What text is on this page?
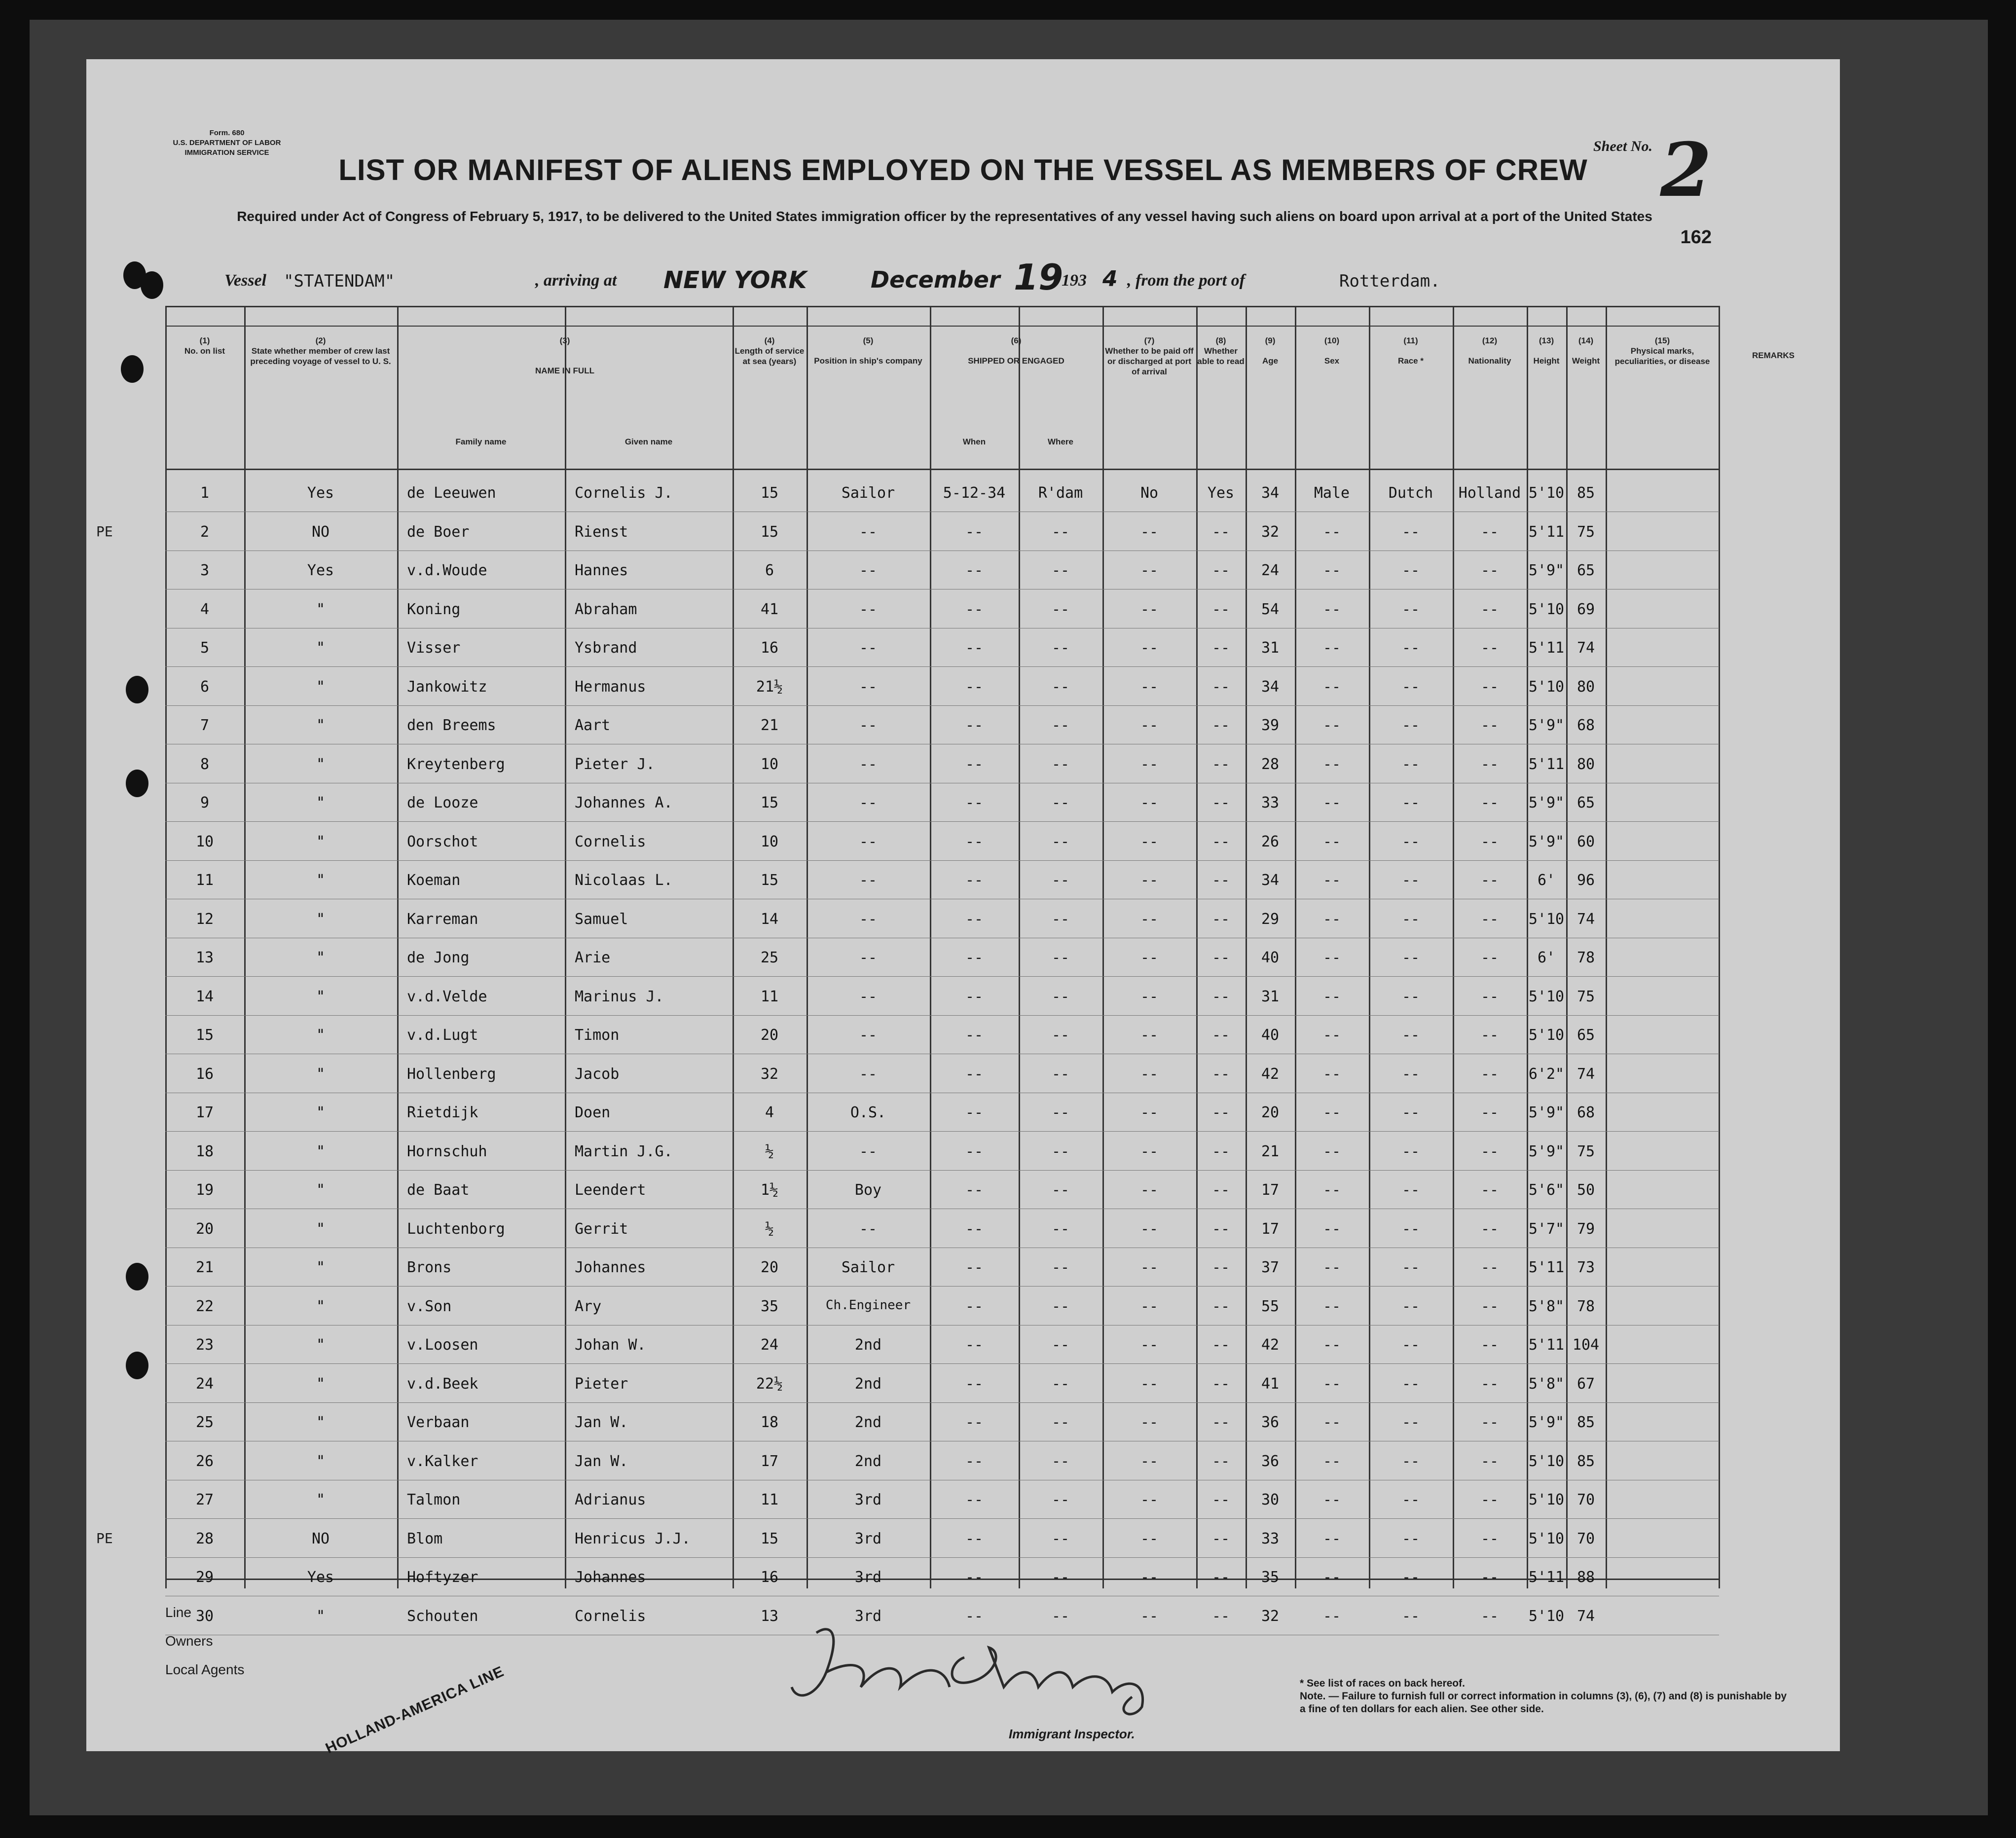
Form. 680
U.S. DEPARTMENT OF LABOR
IMMIGRATION SERVICE	Sheet No. 2
LIST OR MANIFEST OF ALIENS EMPLOYED ON THE VESSEL AS MEMBERS OF CREW
Required under Act of Congress of February 5, 1917, to be delivered to the United States immigration officer by the representatives of any vessel having such aliens on board upon arrival at a port of the United States
162
Vessel "STATENDAM"	, arriving at NEW YORK	December 19
, 193 4 , from the port of	Rotterdam.
(1)
No. on list
(2)
State whether member of crew last preceding voyage of vessel to U. S.
(3)
NAME IN FULL
Family name	Given name
(4)
Length of service at sea (years)
(5)
Position in ship's company
(6)
SHIPPED OR ENGAGED
When	Where
(7)
Whether to be paid off or discharged at port of arrival
(8)
Whether able to read
(9)
Age
(10)
Sex
(11)
Race *
(12)
Nationality
(13)
Height
(14)
Weight
(15)
Physical marks, peculiarities, or disease
1	Yes	de Leeuwen	Cornelis J.	15	Sailor	5-12-34	R'dam	No	Yes	34	Male	Dutch	Holland 5'10 85
PE	2	NO	de Boer	Rienst	15	--	--	--	--	--	32	--	--	--	5'11 75
3	Yes	v.d.Woude	Hannes	6	--	--	--	--	--	24	--	--	--	5'9" 65
4	"	Koning	Abraham	41	--	--	--	--	--	54	--	--	--	5'10 69
5	"	Visser	Ysbrand	16	--	--	--	--	--	31	--	--	--	5'11 74
6	"	Jankowitz	Hermanus	21½	--	--	--	--	--	34	--	--	--	5'10 80
7	"	den Breems	Aart	21	--	--	--	--	--	39	--	--	--	5'9" 68
8	"	Kreytenberg	Pieter J.	10	--	--	--	--	--	28	--	--	--	5'11 80
9	"	de Looze	Johannes A.	15	--	--	--	--	--	33	--	--	--	5'9" 65
10	"	Oorschot	Cornelis	10	--	--	--	--	--	26	--	--	--	5'9" 60
11	"	Koeman	Nicolaas L.	15	--	--	--	--	--	34	--	--	--	6'	96
12	"	Karreman	Samuel	14	--	--	--	--	--	29	--	--	--	5'10 74
13	"	de Jong	Arie	25	--	--	--	--	--	40	--	--	--	6'	78
14	"	v.d.Velde	Marinus J.	11	--	--	--	--	--	31	--	--	--	5'10 75
15	"	v.d.Lugt	Timon	20	--	--	--	--	--	40	--	--	--	5'10 65
16	"	Hollenberg	Jacob	32	--	--	--	--	--	42	--	--	--	6'2" 74
17	"	Rietdijk	Doen	4	O.S.	--	--	--	--	20	--	--	--	5'9" 68
18	"	Hornschuh	Martin J.G.	½	--	--	--	--	--	21	--	--	--	5'9" 75
19	"	de Baat	Leendert	1½	Boy	--	--	--	--	17	--	--	--	5'6" 50
20	"	Luchtenborg	Gerrit	½	--	--	--	--	--	17	--	--	--	5'7" 79
21	"	Brons	Johannes	20	Sailor	--	--	--	--	37	--	--	--	5'11 73
22	"	v.Son	Ary	35	Ch.Engineer	--	--	--	--	55	--	--	--	5'8" 78
23	"	v.Loosen	Johan W.	24	2nd	--	--	--	--	42	--	--	--	5'11 104
24	"	v.d.Beek	Pieter	22½	2nd	--	--	--	--	41	--	--	--	5'8" 67
25	"	Verbaan	Jan W.	18	2nd	--	--	--	--	36	--	--	--	5'9" 85
26	"	v.Kalker	Jan W.	17	2nd	--	--	--	--	36	--	--	--	5'10 85
27	"	Talmon	Adrianus	11	3rd	--	--	--	--	30	--	--	--	5'10 70
PE	28	NO	Blom	Henricus J.J.	15	3rd	--	--	--	--	33	--	--	--	5'10 70
29	Yes	Hoftyzer	Johannes	16	3rd	--	--	--	--	35	--	--	--	5'11 88
30	"	Schouten	Cornelis	13	3rd	--	--	--	--	32	--	--	--	5'10 74
REMARKS
Line
Owners
Local Agents	HOLLAND-AMERICA LINE	Immigrant Inspector.
* See list of races on back hereof.
Note. — Failure to furnish full or correct information in columns (3), (6), (7) and (8) is punishable by a fine of ten dollars for each alien. See other side.
